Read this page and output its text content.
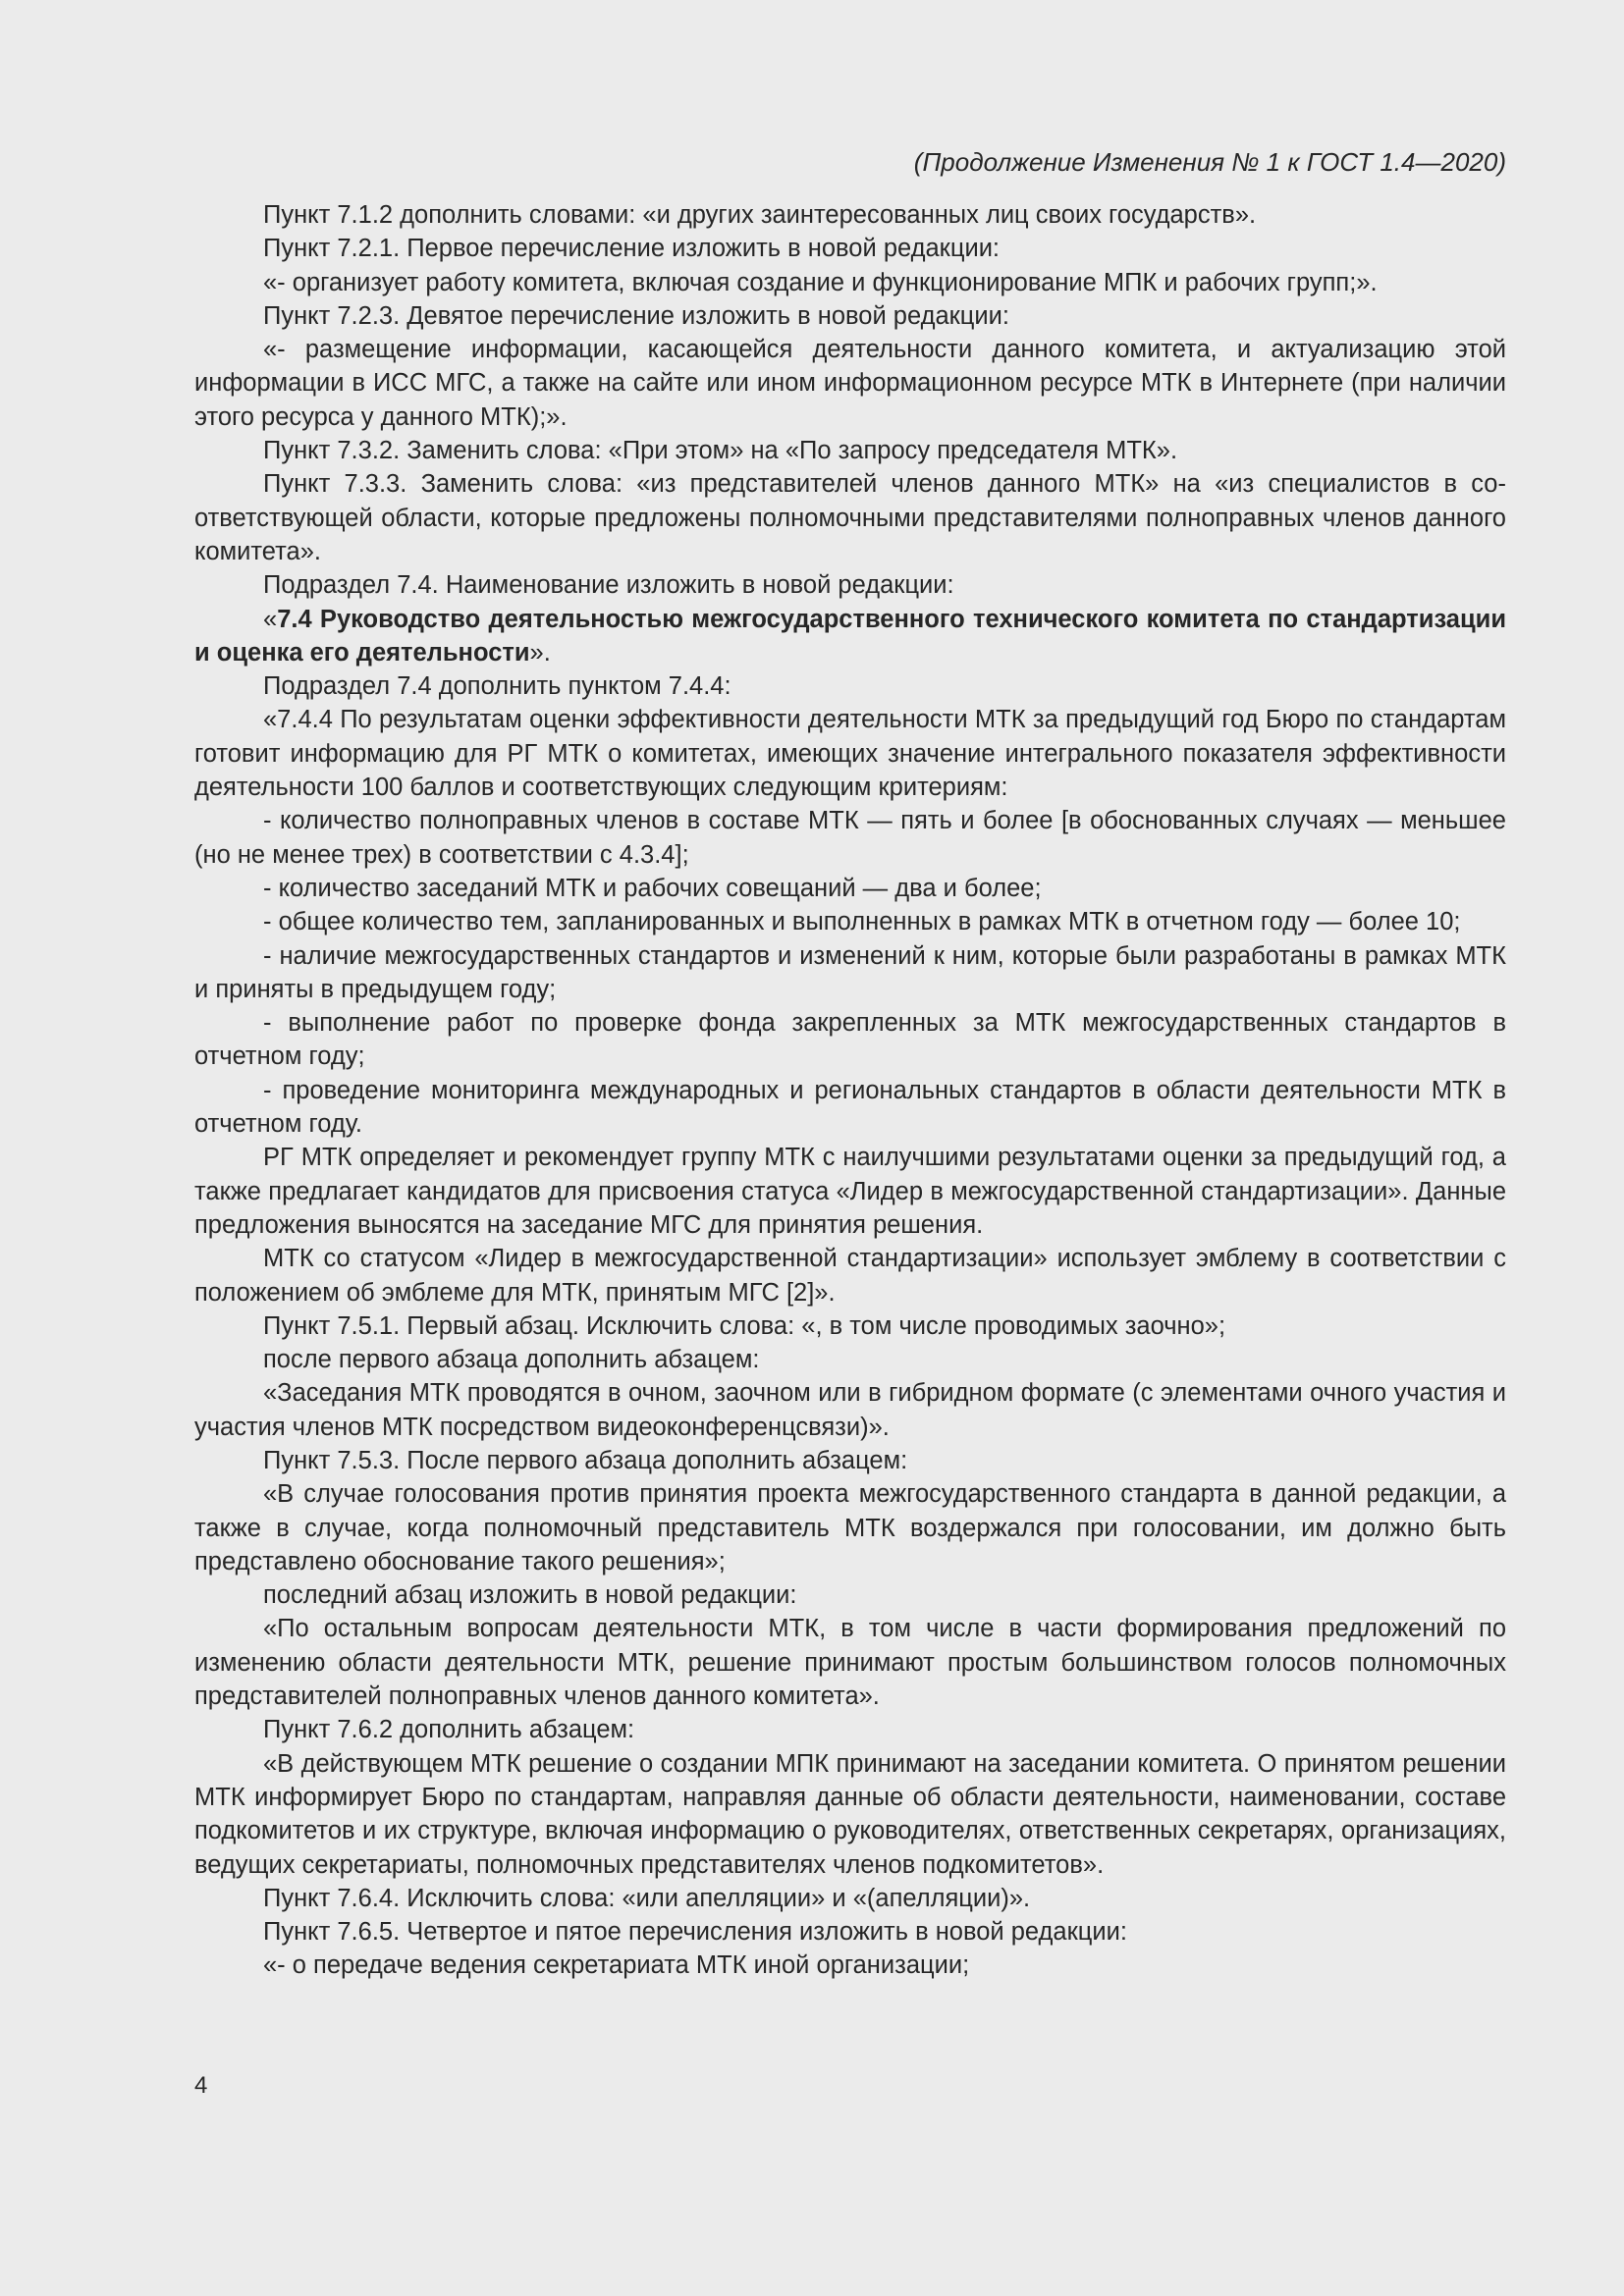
(Продолжение Изменения № 1 к ГОСТ 1.4—2020)

Пункт 7.1.2 дополнить словами: «и других заинтересованных лиц своих государств».

Пункт 7.2.1. Первое перечисление изложить в новой редакции:

«- организует работу комитета, включая создание и функционирование МПК и рабочих групп;».

Пункт 7.2.3. Девятое перечисление изложить в новой редакции:

«- размещение информации, касающейся деятельности данного комитета, и актуализацию этой информации в ИСС МГС, а также на сайте или ином информационном ресурсе МТК в Интернете (при наличии этого ресурса у данного МТК);».

Пункт 7.3.2. Заменить слова: «При этом» на «По запросу председателя МТК».

Пункт 7.3.3. Заменить слова: «из представителей членов данного МТК» на «из специалистов в соответствующей области, которые предложены полномочными представителями полноправных членов данного комитета».

Подраздел 7.4. Наименование изложить в новой редакции:

«7.4 Руководство деятельностью межгосударственного технического комитета по стандартизации и оценка его деятельности».

Подраздел 7.4 дополнить пунктом 7.4.4:

«7.4.4 По результатам оценки эффективности деятельности МТК за предыдущий год Бюро по стандартам готовит информацию для РГ МТК о комитетах, имеющих значение интегрального показателя эффективности деятельности 100 баллов и соответствующих следующим критериям:

- количество полноправных членов в составе МТК — пять и более [в обоснованных случаях — меньшее (но не менее трех) в соответствии с 4.3.4];

- количество заседаний МТК и рабочих совещаний — два и более;

- общее количество тем, запланированных и выполненных в рамках МТК в отчетном году — более 10;

- наличие межгосударственных стандартов и изменений к ним, которые были разработаны в рамках МТК и приняты в предыдущем году;

- выполнение работ по проверке фонда закрепленных за МТК межгосударственных стандартов в отчетном году;

- проведение мониторинга международных и региональных стандартов в области деятельности МТК в отчетном году.

РГ МТК определяет и рекомендует группу МТК с наилучшими результатами оценки за предыдущий год, а также предлагает кандидатов для присвоения статуса «Лидер в межгосударственной стандартизации». Данные предложения выносятся на заседание МГС для принятия решения.

МТК со статусом «Лидер в межгосударственной стандартизации» использует эмблему в соответствии с положением об эмблеме для МТК, принятым МГС [2]».

Пункт 7.5.1. Первый абзац. Исключить слова: «, в том числе проводимых заочно»;

после первого абзаца дополнить абзацем:

«Заседания МТК проводятся в очном, заочном или в гибридном формате (с элементами очного участия и участия членов МТК посредством видеоконференцсвязи)».

Пункт 7.5.3. После первого абзаца дополнить абзацем:

«В случае голосования против принятия проекта межгосударственного стандарта в данной редакции, а также в случае, когда полномочный представитель МТК воздержался при голосовании, им должно быть представлено обоснование такого решения»;

последний абзац изложить в новой редакции:

«По остальным вопросам деятельности МТК, в том числе в части формирования предложений по изменению области деятельности МТК, решение принимают простым большинством голосов полномочных представителей полноправных членов данного комитета».

Пункт 7.6.2 дополнить абзацем:

«В действующем МТК решение о создании МПК принимают на заседании комитета. О принятом решении МТК информирует Бюро по стандартам, направляя данные об области деятельности, наименовании, составе подкомитетов и их структуре, включая информацию о руководителях, ответственных секретарях, организациях, ведущих секретариаты, полномочных представителях членов подкомитетов».

Пункт 7.6.4. Исключить слова: «или апелляции» и «(апелляции)».

Пункт 7.6.5. Четвертое и пятое перечисления изложить в новой редакции:

«- о передаче ведения секретариата МТК иной организации;

4
